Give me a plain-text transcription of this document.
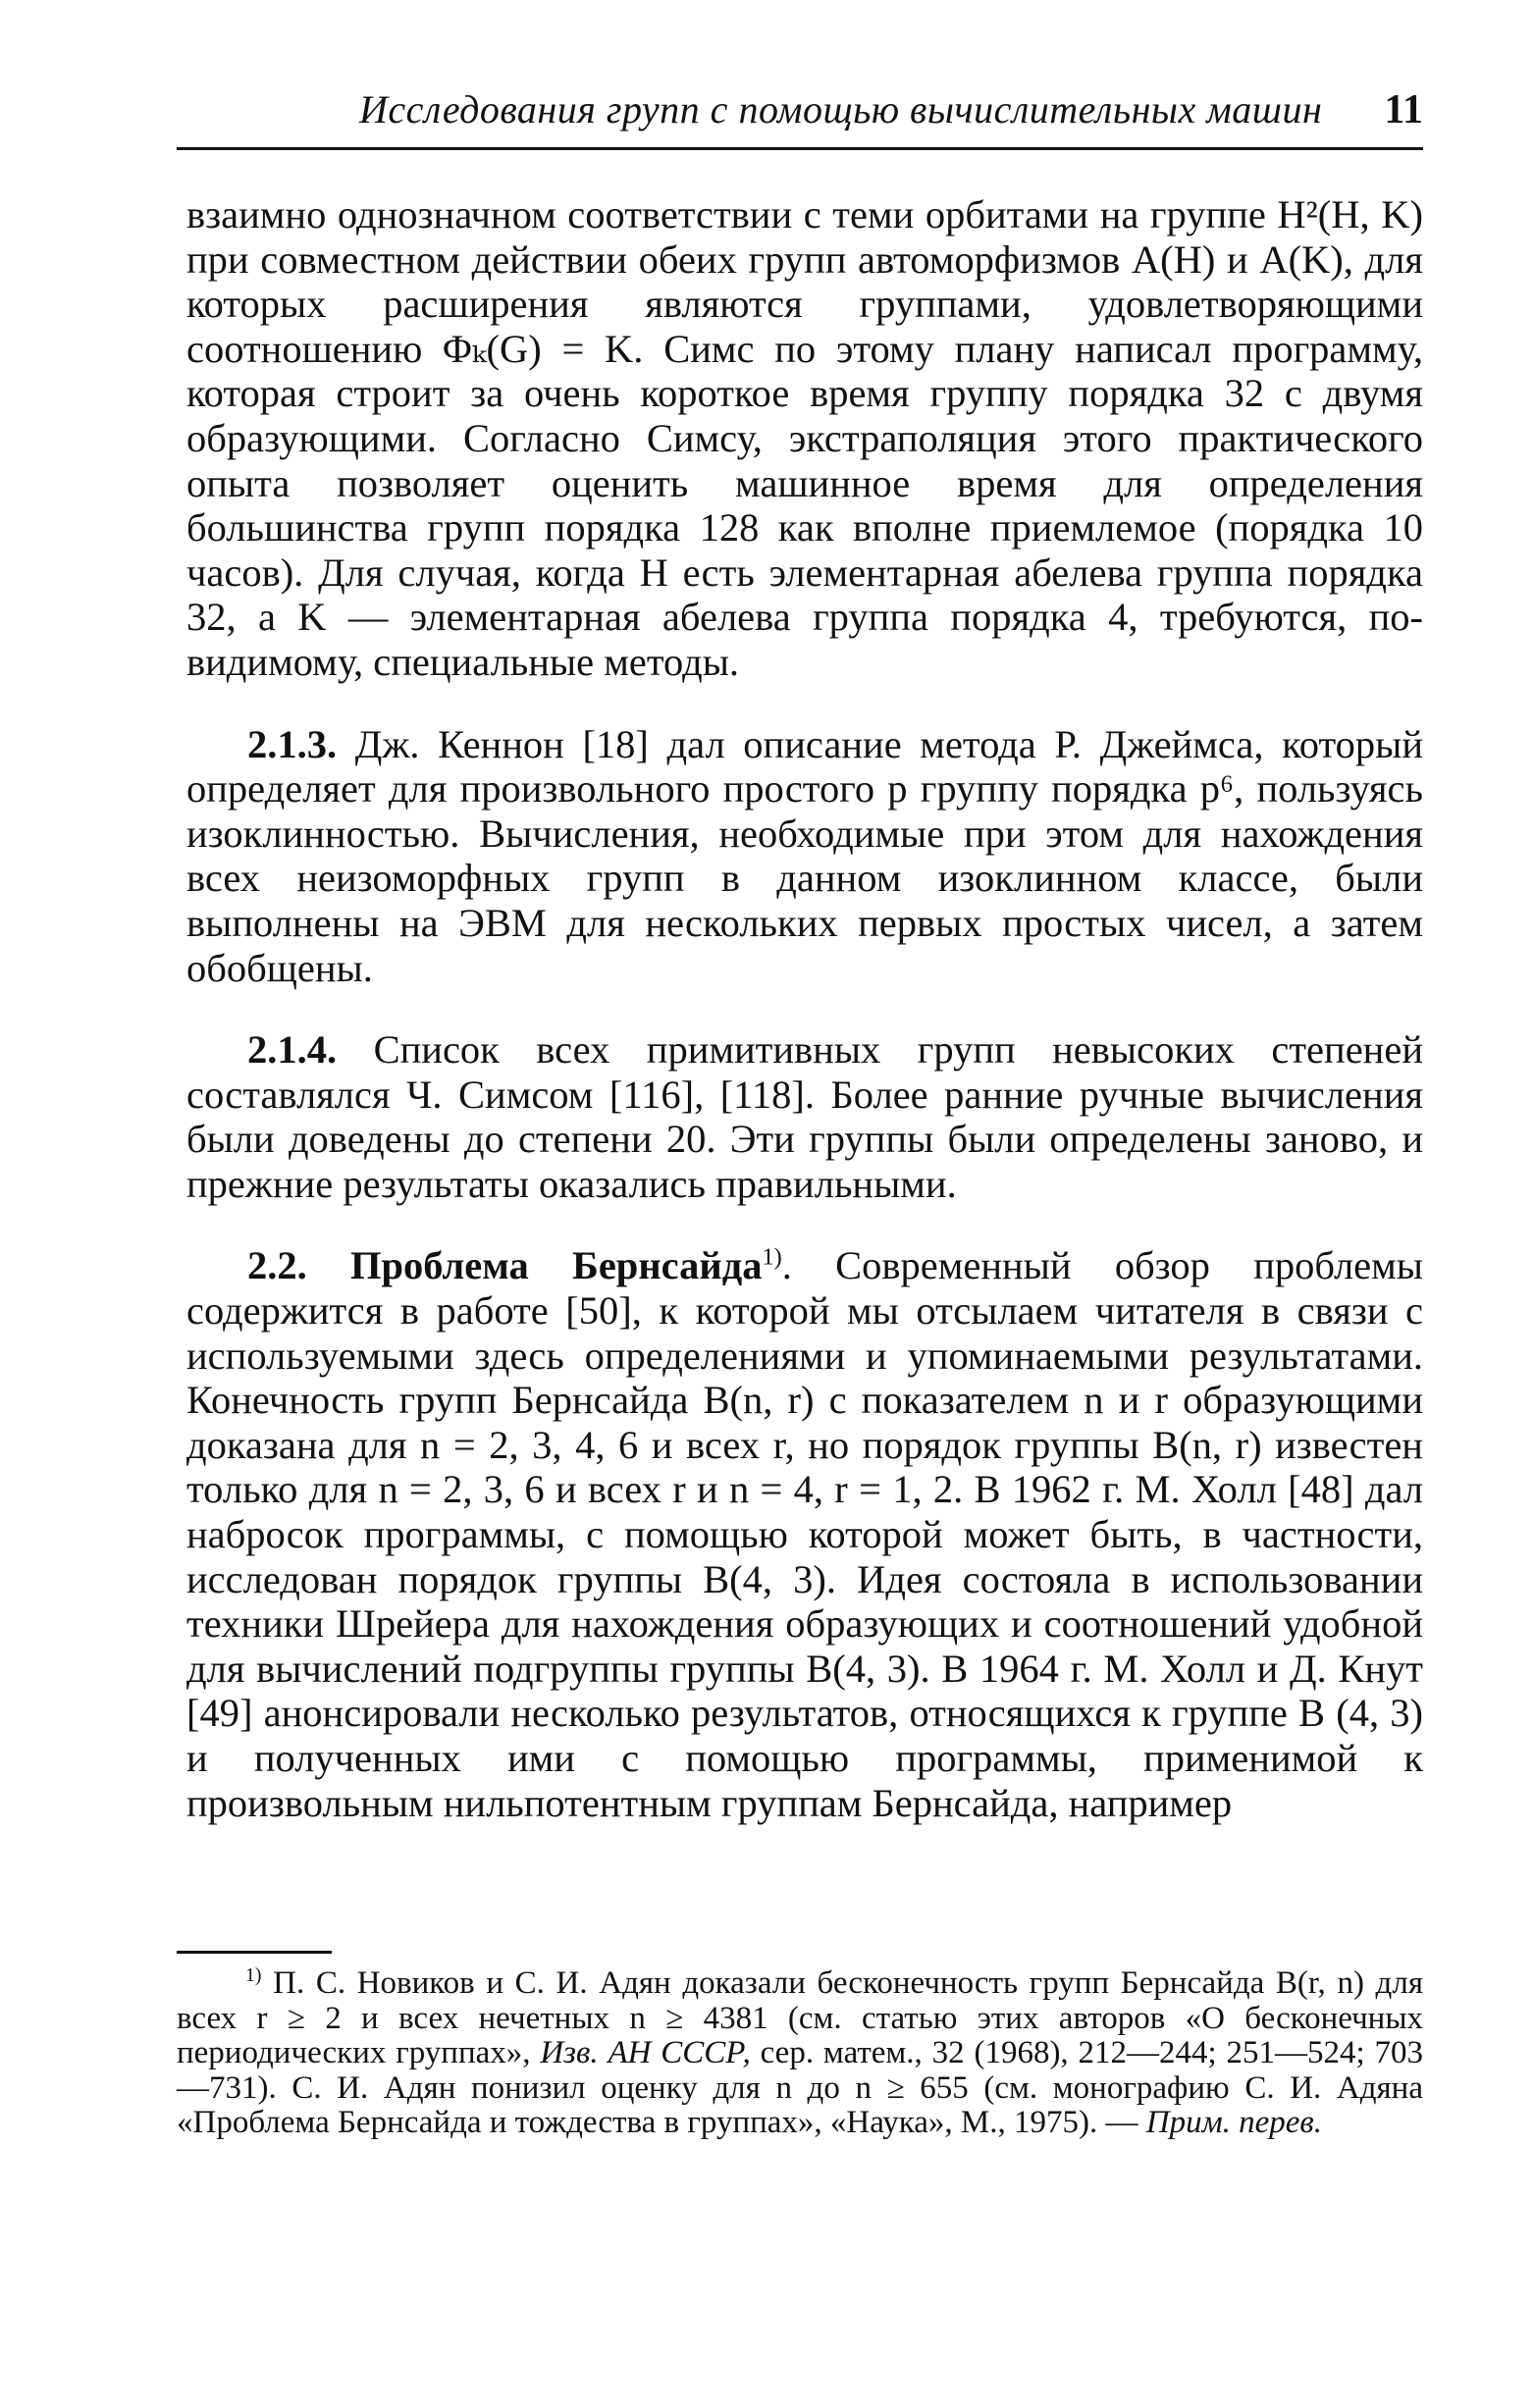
Исследования групп с помощью вычислительных машин 11

взаимно однозначном соответствии с теми орбитами на группе H²(H, K) при совместном действии обеих групп автоморфизмов A(H) и A(K), для которых расширения являются группами, удовлетворяющими соотношению Φₖ(G) = K. Симс по этому плану написал программу, которая строит за очень короткое время группу порядка 32 с двумя образующими. Согласно Симсу, экстраполяция этого практического опыта позволяет оценить машинное время для определения большинства групп порядка 128 как вполне приемлемое (порядка 10 часов). Для случая, когда H есть элементарная абелева группа порядка 32, а K — элементарная абелева группа порядка 4, требуются, по-видимому, специальные методы.

2.1.3. Дж. Кеннон [18] дал описание метода Р. Джеймса, который определяет для произвольного простого p группу порядка p⁶, пользуясь изоклинностью. Вычисления, необходимые при этом для нахождения всех неизоморфных групп в данном изоклинном классе, были выполнены на ЭВМ для нескольких первых простых чисел, а затем обобщены.

2.1.4. Список всех примитивных групп невысоких степеней составлялся Ч. Симсом [116], [118]. Более ранние ручные вычисления были доведены до степени 20. Эти группы были определены заново, и прежние результаты оказались правильными.

2.2. Проблема Бернсайда$^{1)}$. Современный обзор проблемы содержится в работе [50], к которой мы отсылаем читателя в связи с используемыми здесь определениями и упоминаемыми результатами. Конечность групп Бернсайда B(n, r) с показателем n и r образующими доказана для n = 2, 3, 4, 6 и всех r, но порядок группы B(n, r) известен только для n = 2, 3, 6 и всех r и n = 4, r = 1, 2. В 1962 г. М. Холл [48] дал набросок программы, с помощью которой может быть, в частности, исследован порядок группы B(4, 3). Идея состояла в использовании техники Шрейера для нахождения образующих и соотношений удобной для вычислений подгруппы группы B(4, 3). В 1964 г. М. Холл и Д. Кнут [49] анонсировали несколько результатов, относящихся к группе B (4, 3) и полученных ими с помощью программы, применимой к произвольным нильпотентным группам Бернсайда, например

$^{1)}$ П. С. Новиков и С. И. Адян доказали бесконечность групп Бернсайда B(r, n) для всех r ≥ 2 и всех нечетных n ≥ 4381 (см. статью этих авторов «О бесконечных периодических группах», Изв. АН СССР, сер. матем., 32 (1968), 212—244; 251—524; 703—731). С. И. Адян понизил оценку для n до n ≥ 655 (см. монографию С. И. Адяна «Проблема Бернсайда и тождества в группах», «Наука», М., 1975). — Прим. перев.
